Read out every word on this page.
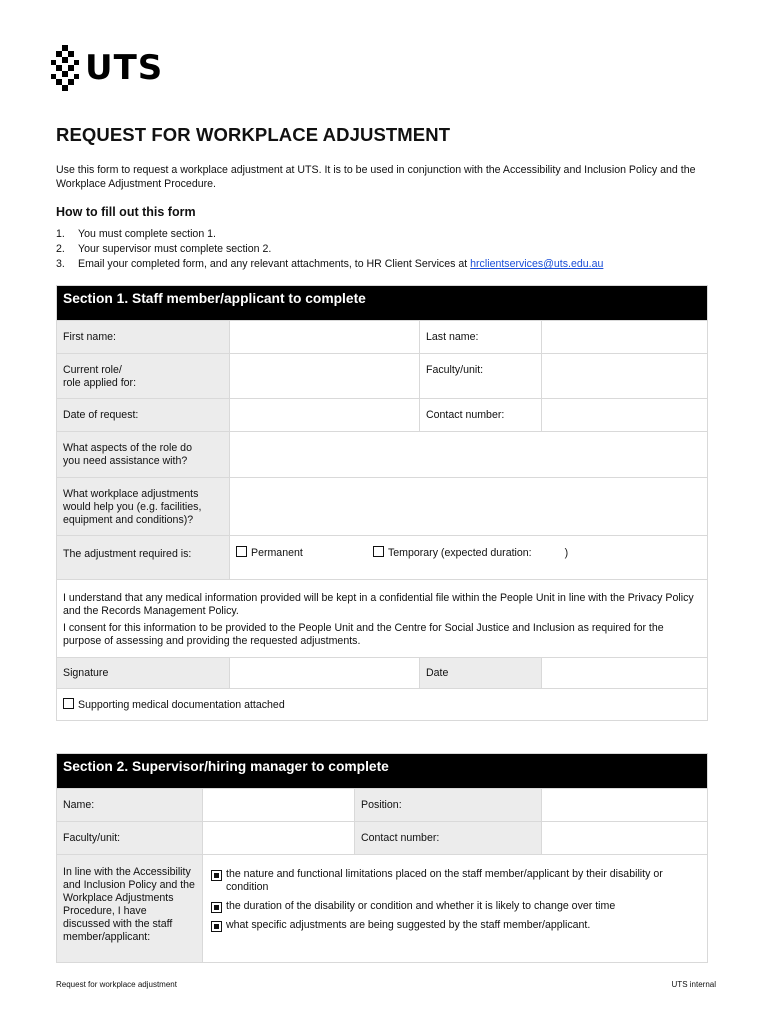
UTS
REQUEST FOR WORKPLACE ADJUSTMENT

Use this form to request a workplace adjustment at UTS. It is to be used in conjunction with the Accessibility and Inclusion Policy and the Workplace Adjustment Procedure.

How to fill out this form
1.	You must complete section 1.
2.	Your supervisor must complete section 2.
3.	Email your completed form, and any relevant attachments, to HR Client Services at hrclientservices@uts.edu.au
Section 1. Staff member/applicant to complete			
First name:		Last name:	

Current role/
role applied for:		Faculty/unit:	
Date of request:		Contact number:	

What aspects of the role do
you need assistance with?			

What workplace adjustments
would help you (e.g. facilities,
equipment and conditions)?			

The adjustment required is:	Permanent Temporary (expected duration: )		

I understand that any medical information provided will be kept in a confidential file within the People Unit in line with the Privacy Policy and the Records Management Policy.
I consent for this information to be provided to the People Unit and the Centre for Social Justice and Inclusion as required for the purpose of assessing and providing the requested adjustments.			

Signature		Date	
Supporting medical documentation attached			
Section 2. Supervisor/hiring manager to complete			
Name:		Position:	
Faculty/unit:		Contact number:	
In line with the Accessibility and Inclusion Policy and the Workplace Adjustments Procedure, I have discussed with the staff member/applicant:	the nature and functional limitations placed on the staff member/applicant by their disability or condition
the duration of the disability or condition and whether it is likely to change over time
what specific adjustments are being suggested by the staff member/applicant.		
Request for workplace adjustment	UTS internal
